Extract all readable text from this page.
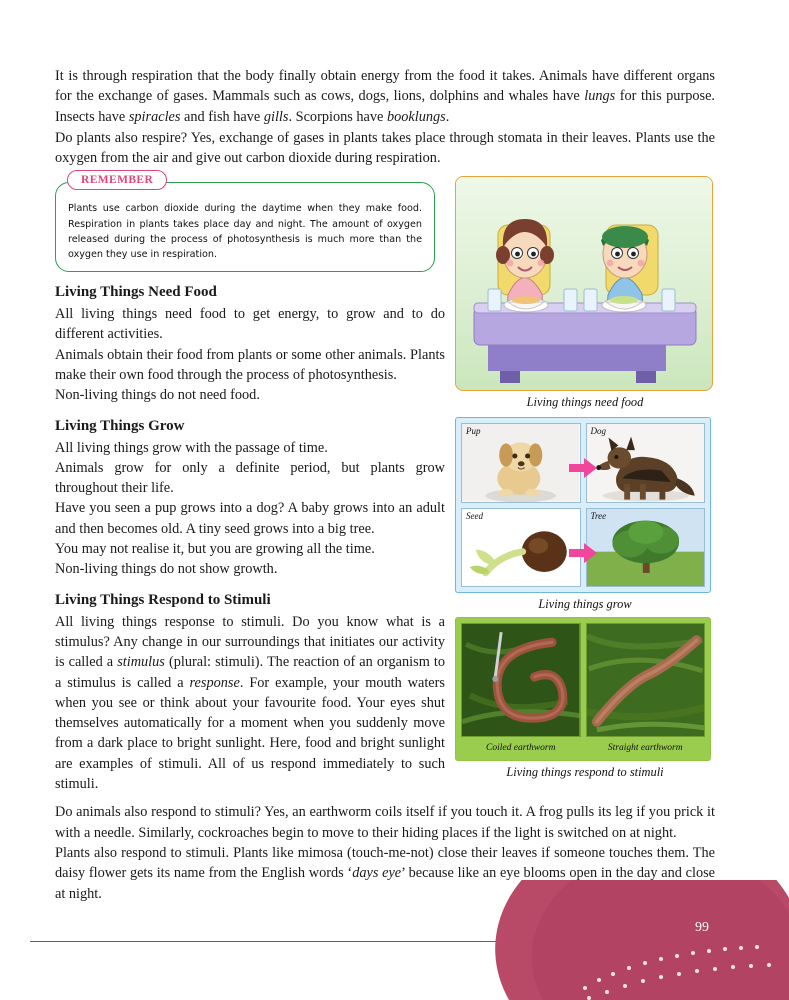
It is through respiration that the body finally obtain energy from the food it takes. Animals have different organs for the exchange of gases. Mammals such as cows, dogs, lions, dolphins and whales have lungs for this purpose. Insects have spiracles and fish have gills. Scorpions have booklungs.

Do plants also respire? Yes, exchange of gases in plants takes place through stomata in their leaves. Plants use the oxygen from the air and give out carbon dioxide during respiration.

REMEMBER
Plants use carbon dioxide during the daytime when they make food. Respiration in plants takes place day and night. The amount of oxygen released during the process of photosynthesis is much more than the oxygen they use in respiration.
Living Things Need Food

All living things need food to get energy, to grow and to do different activities.

Animals obtain their food from plants or some other animals. Plants make their own food through the process of photosynthesis.

Non-living things do not need food.

Living Things Grow

All living things grow with the passage of time.

Animals grow for only a definite period, but plants grow throughout their life.

Have you seen a pup grows into a dog? A baby grows into an adult and then becomes old. A tiny seed grows into a big tree.

You may not realise it, but you are growing all the time.

Non-living things do not show growth.

Living Things Respond to Stimuli

All living things response to stimuli. Do you know what is a stimulus? Any change in our surroundings that initiates our activity is called a stimulus (plural: stimuli). The reaction of an organism to a stimulus is called a response. For example, your mouth waters when you see or think about your favourite food. Your eyes shut themselves automatically for a moment when you suddenly move from a dark place to bright sunlight. Here, food and bright sunlight are examples of stimuli. All of us respond immediately to such stimuli.

Do animals also respond to stimuli? Yes, an earthworm coils itself if you touch it. A frog pulls its leg if you prick it with a needle. Similarly, cockroaches begin to move to their hiding places if the light is switched on at night.

Plants also respond to stimuli. Plants like mimosa (touch-me-not) close their leaves if someone touches them. The daisy flower gets its name from the English words ‘days eye’ because like an eye blooms open in the day and close at night.

Living things need food
Pup	Dog
Seed	Tree
Living things grow
Coiled earthworm	Straight earthworm
Living things respond to stimuli
99
